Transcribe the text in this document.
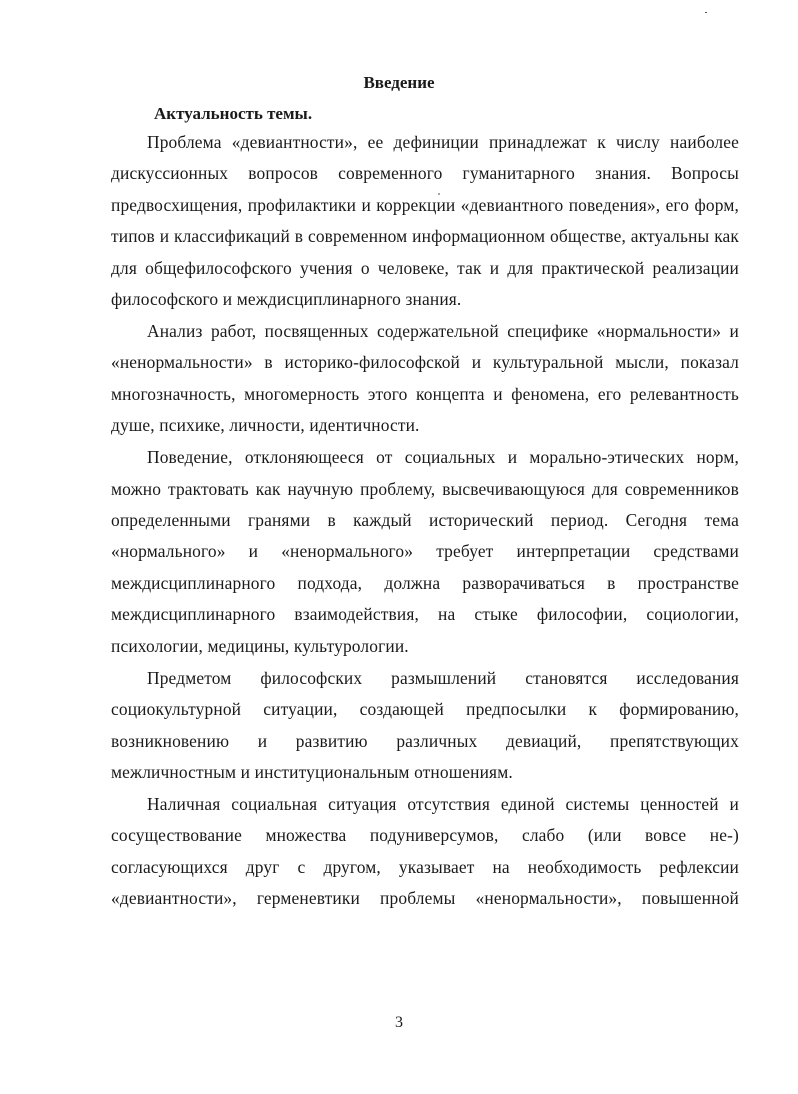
Введение
Актуальность темы.

Проблема «девиантности», ее дефиниции принадлежат к числу наиболее дискуссионных вопросов современного гуманитарного знания. Вопросы предвосхищения, профилактики и коррекции «девиантного поведения», его форм, типов и классификаций в современном информационном обществе, актуальны как для общефилософского учения о человеке, так и для практической реализации философского и междисциплинарного знания.

Анализ работ, посвященных содержательной специфике «нормальности» и «ненормальности» в историко-философской и культуральной мысли, показал многозначность, многомерность этого концепта и феномена, его релевантность душе, психике, личности, идентичности.

Поведение, отклоняющееся от социальных и морально-этических норм, можно трактовать как научную проблему, высвечивающуюся для современников определенными гранями в каждый исторический период. Сегодня тема «нормального» и «ненормального» требует интерпретации средствами междисциплинарного подхода, должна разворачиваться в пространстве междисциплинарного взаимодействия, на стыке философии, социологии, психологии, медицины, культурологии.

Предметом философских размышлений становятся исследования социокультурной ситуации, создающей предпосылки к формированию, возникновению и развитию различных девиаций, препятствующих межличностным и институциональным отношениям.

Наличная социальная ситуация отсутствия единой системы ценностей и сосуществование множества подуниверсумов, слабо (или вовсе не-) согласующихся друг с другом, указывает на необходимость рефлексии «девиантности», герменевтики проблемы «ненормальности», повышенной

3
